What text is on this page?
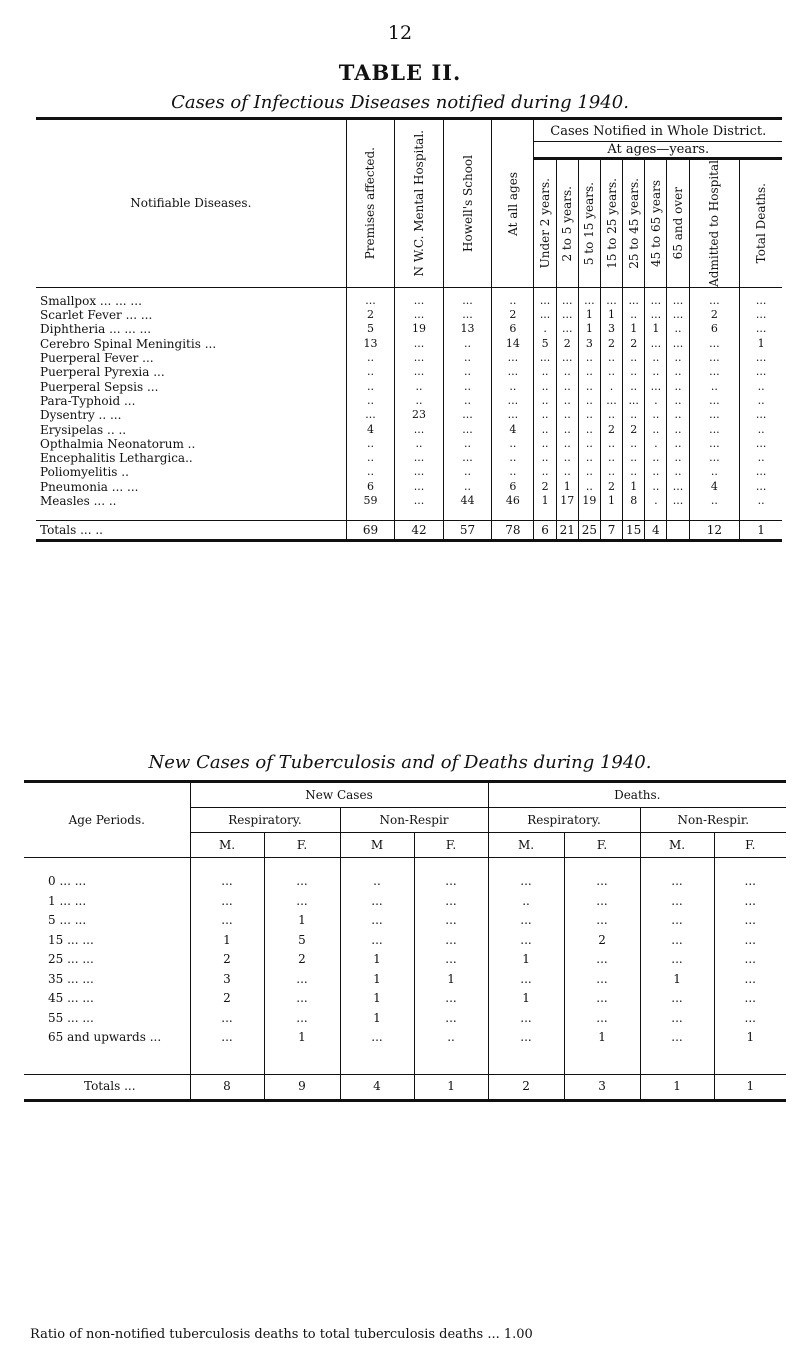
12
TABLE II.
Cases of Infectious Diseases notified during 1940.
Notifiable Diseases.	Premises affected.	N W.C. Mental Hospital.	Howell's School	At all ages	Cases Notified in Whole District.								
					At ages—years.								

					Under 2 years.	2 to 5 years.	5 to 15 years.	15 to 25 years.	25 to 45 years.	45 to 65 years	65 and over	Admitted to Hospital	Total Deaths.

Smallpox ... ... ...	...	...	...	..	...	...	...	...	...	...	...	...	...
Scarlet Fever ... ...	2	...	...	2	...	...	1	1	..	...	...	2	...
Diphtheria ... ... ...	5	19	13	6	.	...	1	3	1	1	..	6	...
Cerebro Spinal Meningitis ...	13	...	..	14	5	2	3	2	2	...	...	...	1
Puerperal Fever ...	..	...	..	...	...	...	..	..	..	..	..	...	...
Puerperal Pyrexia ...	..	...	..	...	..	..	..	..	..	..	..	...	...
Puerperal Sepsis ...	..	..	..	..	..	..	..	.	..	...	..	..	..
Para-Typhoid ...	..	..	..	...	..	..	..	...	...	.	..	...	..
Dysentry .. ...	...	23	...	...	..	..	..	..	..	..	..	...	...
Erysipelas .. ..	4	...	...	4	..	..	..	2	2	..	..	...	..
Opthalmia Neonatorum ..	..	..	..	..	..	..	..	..	..	.	..	...	...
Encephalitis Lethargica..	..	...	...	..	..	..	..	..	..	..	..	...	..
Poliomyelitis ..	..	...	..	..	..	..	..	..	..	..	..	..	...
Pneumonia ... ...	6	...	..	6	2	1	..	2	1	..	...	4	...
Measles ... ..	59	...	44	46	1	17	19	1	8	.	...	..	..

Totals ... ..	69	42	57	78	6	21	25	7	15	4		12	1
New Cases of Tuberculosis and of Deaths during 1940.
Age Periods.	New Cases				Deaths.			
	Respiratory.		Non-Respir		Respiratory.		Non-Respir.	
	M.	F.	M	F.	M.	F.	M.	F.

0 ... ...	...	...	..	...	...	...	...	...
1 ... ...	...	...	...	...	..	...	...	...
5 ... ...	...	1	...	...	...	...	...	...
15 ... ...	1	5	...	...	...	2	...	...
25 ... ...	2	2	1	...	1	...	...	...
35 ... ...	3	...	1	1	...	...	1	...
45 ... ...	2	...	1	...	1	...	...	...
55 ... ...	...	...	1	...	...	...	...	...
65 and upwards ...	...	1	...	..	...	1	...	1

Totals ...	8	9	4	1	2	3	1	1
Ratio of non-notified tuberculosis deaths to total tuberculosis deaths ... 1.00
